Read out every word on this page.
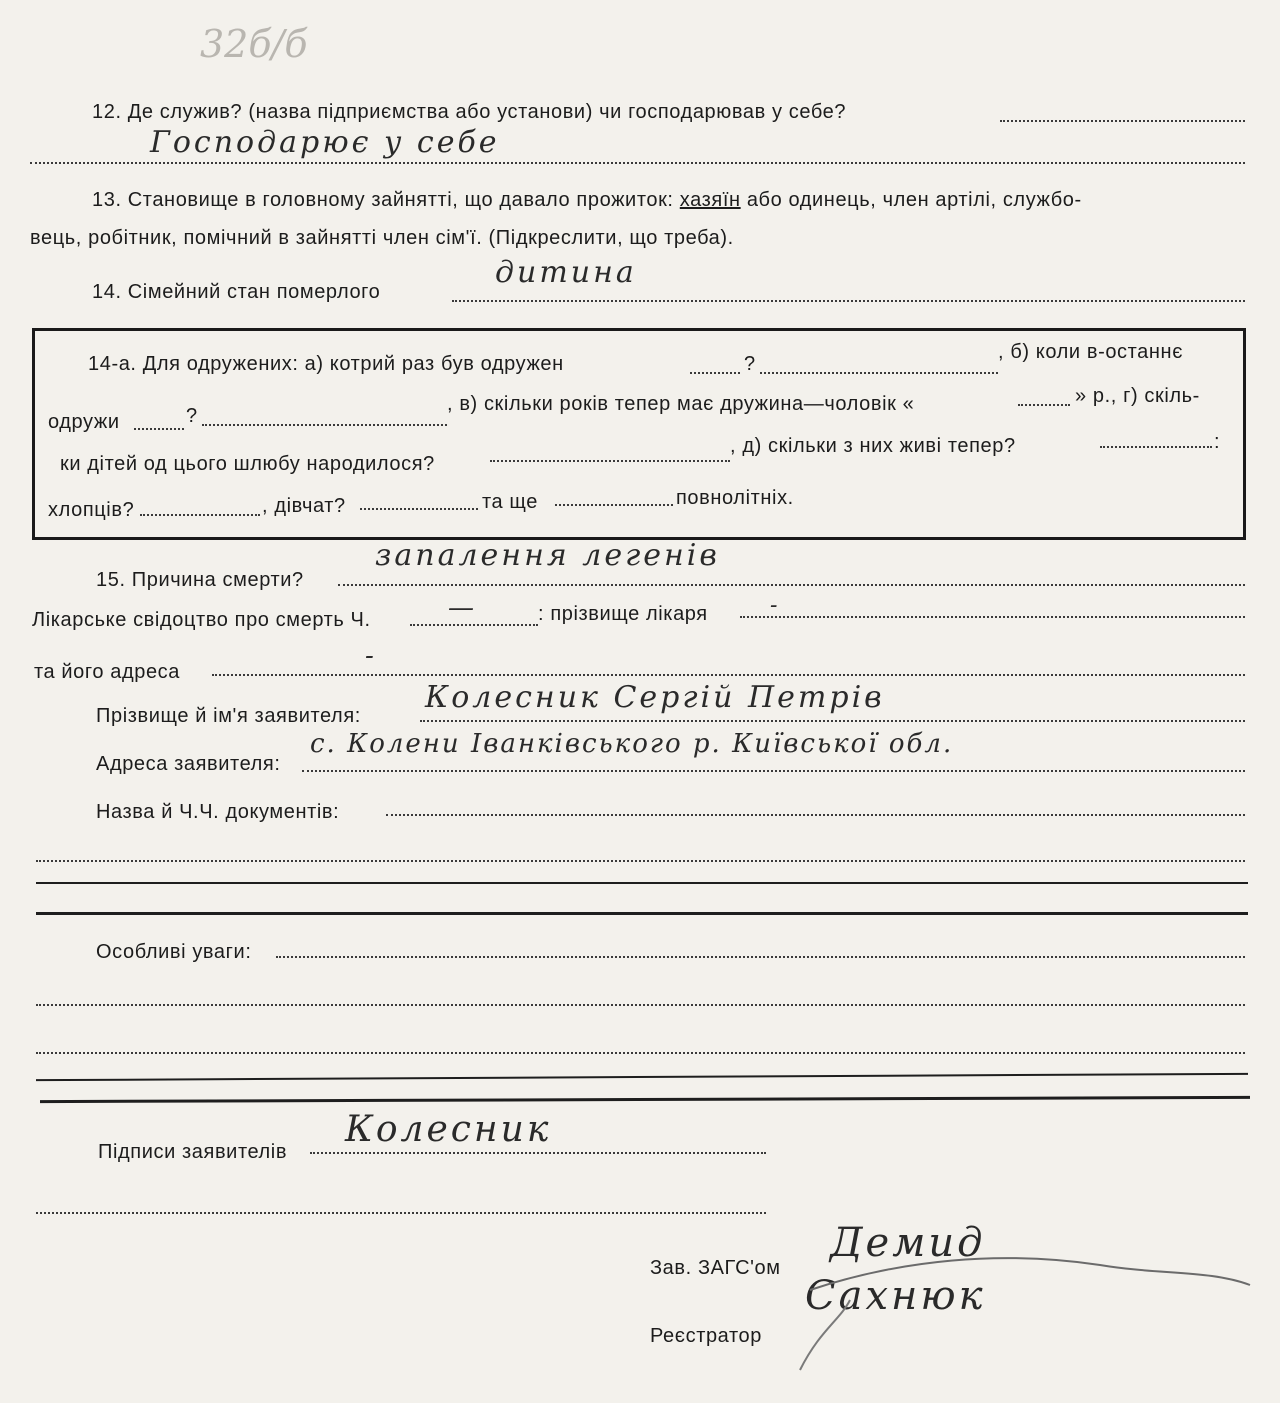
32б/б
12. Де служив? (назва підприємства або установи) чи господарював у себе?
Господарює у себе
13. Становище в головному зайнятті, що давало прожиток: хазяїн або одинець, член артілі, службо-
вець, робітник, помічний в зайнятті член сім'ї. (Підкреслити, що треба).
14. Сімейний стан померлого
дитина
14-а. Для одружених: а) котрий раз був одружен	?
, б) коли в-останнє
одружи	?
, в) скільки років тепер має дружина—чоловік «	» р., г) скіль-
ки дітей од цього шлюбу народилося?
, д) скільки з них живі тепер?	:
хлопців?	, дівчат?	та ще	повнолітніх.
15. Причина смерти?
запалення легенів
Лікарське свідоцтво про смерть Ч.	—	: прізвище лікаря	-
та його адреса
-
Прізвище й ім'я заявителя:
Колесник Сергій Петрів
Адреса заявителя:
с. Колени Іванківського р. Київської обл.
Назва й Ч.Ч. документів:
Особливі уваги:
Підписи заявителів
Колесник
Зав. ЗАГС'ом
Демид
Реєстратор
Сахнюк
